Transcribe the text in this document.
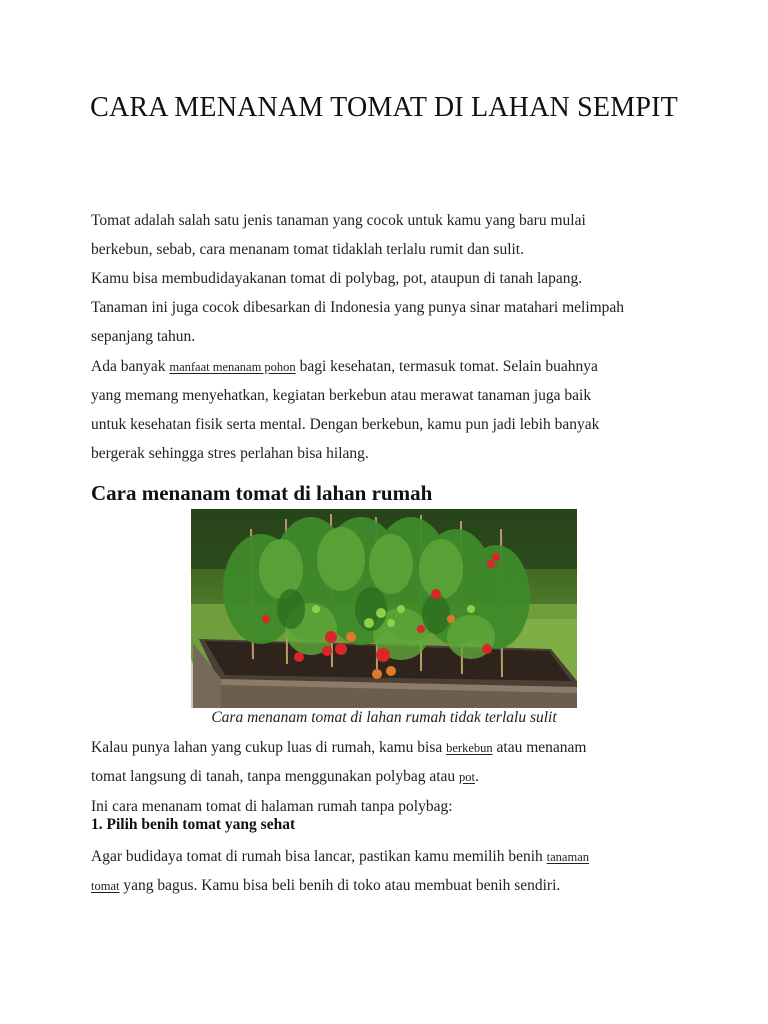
CARA MENANAM TOMAT DI LAHAN SEMPIT

Tomat adalah salah satu jenis tanaman yang cocok untuk kamu yang baru mulai

berkebun, sebab, cara menanam tomat tidaklah terlalu rumit dan sulit.

Kamu bisa membudidayakanan tomat di polybag, pot, ataupun di tanah lapang.

Tanaman ini juga cocok dibesarkan di Indonesia yang punya sinar matahari melimpah

sepanjang tahun.

Ada banyak manfaat menanam pohon bagi kesehatan, termasuk tomat. Selain buahnya

yang memang menyehatkan, kegiatan berkebun atau merawat tanaman juga baik

untuk kesehatan fisik serta mental. Dengan berkebun, kamu pun jadi lebih banyak

bergerak sehingga stres perlahan bisa hilang.

Cara menanam tomat di lahan rumah
Cara menanam tomat di lahan rumah tidak terlalu sulit

Kalau punya lahan yang cukup luas di rumah, kamu bisa berkebun atau menanam

tomat langsung di tanah, tanpa menggunakan polybag atau pot.

Ini cara menanam tomat di halaman rumah tanpa polybag:

1. Pilih benih tomat yang sehat

Agar budidaya tomat di rumah bisa lancar, pastikan kamu memilih benih tanaman

tomat yang bagus. Kamu bisa beli benih di toko atau membuat benih sendiri.
